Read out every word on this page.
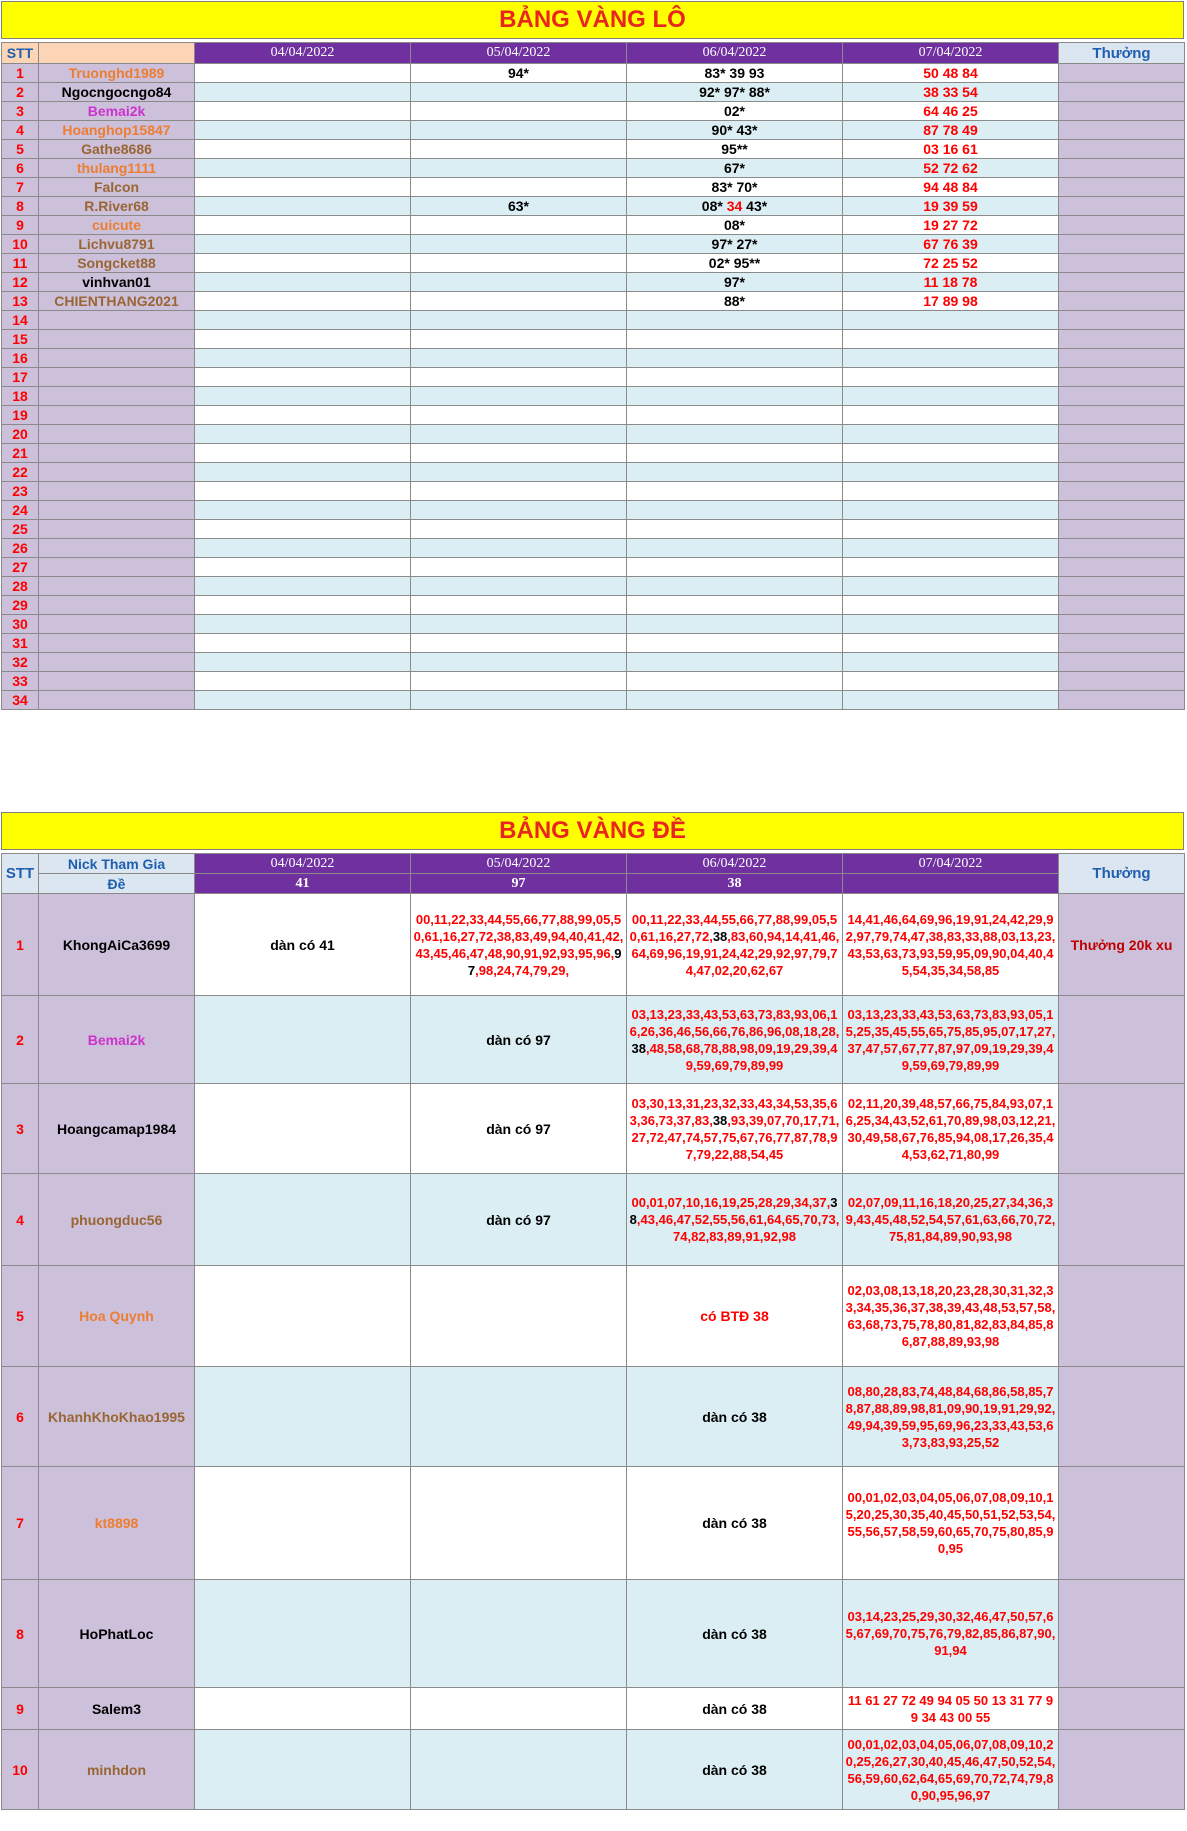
BẢNG VÀNG LÔ
STT		04/04/2022	05/04/2022	06/04/2022	07/04/2022	Thưởng
1	Truonghd1989		94*	83* 39 93	50 48 84	
2	Ngocngocngo84			92* 97* 88*	38 33 54	
3	Bemai2k			02*	64 46 25	
4	Hoanghop15847			90* 43*	87 78 49	
5	Gathe8686			95**	03 16 61	
6	thulang1111			67*	52 72 62	
7	Falcon			83* 70*	94 48 84	
8	R.River68		63*	08* 34 43*	19 39 59	
9	cuicute			08*	19 27 72	
10	Lichvu8791			97* 27*	67 76 39	
11	Songcket88			02* 95**	72 25 52	
12	vinhvan01			97*	11 18 78	
13	CHIENTHANG2021			88*	17 89 98	
14						
15						
16						
17						
18						
19						
20						
21						
22						
23						
24						
25						
26						
27						
28						
29						
30						
31						
32						
33						
34						
BẢNG VÀNG ĐỀ
STT	Nick Tham Gia	04/04/2022	05/04/2022	06/04/2022	07/04/2022	Thưởng
	Đề	41	97	38		
1	KhongAiCa3699	dàn có 41	00,11,22,33,44,55,66,77,88,99,05,50,61,16,27,72,38,83,49,94,40,41,42,43,45,46,47,48,90,91,92,93,95,96,97,98,24,74,79,29,	00,11,22,33,44,55,66,77,88,99,05,50,61,16,27,72,38,83,60,94,14,41,46,64,69,96,19,91,24,42,29,92,97,79,74,47,02,20,62,67	14,41,46,64,69,96,19,91,24,42,29,92,97,79,74,47,38,83,33,88,03,13,23,43,53,63,73,93,59,95,09,90,04,40,45,54,35,34,58,85	Thưởng 20k xu
2	Bemai2k		dàn có 97	03,13,23,33,43,53,63,73,83,93,06,16,26,36,46,56,66,76,86,96,08,18,28,38,48,58,68,78,88,98,09,19,29,39,49,59,69,79,89,99	03,13,23,33,43,53,63,73,83,93,05,15,25,35,45,55,65,75,85,95,07,17,27,37,47,57,67,77,87,97,09,19,29,39,49,59,69,79,89,99	
3	Hoangcamap1984		dàn có 97	03,30,13,31,23,32,33,43,34,53,35,63,36,73,37,83,38,93,39,07,70,17,71,27,72,47,74,57,75,67,76,77,87,78,97,79,22,88,54,45	02,11,20,39,48,57,66,75,84,93,07,16,25,34,43,52,61,70,89,98,03,12,21,30,49,58,67,76,85,94,08,17,26,35,44,53,62,71,80,99	
4	phuongduc56		dàn có 97	00,01,07,10,16,19,25,28,29,34,37,38,43,46,47,52,55,56,61,64,65,70,73,74,82,83,89,91,92,98	02,07,09,11,16,18,20,25,27,34,36,39,43,45,48,52,54,57,61,63,66,70,72,75,81,84,89,90,93,98	
5	Hoa Quynh			có BTĐ 38	02,03,08,13,18,20,23,28,30,31,32,33,34,35,36,37,38,39,43,48,53,57,58,63,68,73,75,78,80,81,82,83,84,85,86,87,88,89,93,98	
6	KhanhKhoKhao1995			dàn có 38	08,80,28,83,74,48,84,68,86,58,85,78,87,88,89,98,81,09,90,19,91,29,92,49,94,39,59,95,69,96,23,33,43,53,63,73,83,93,25,52	
7	kt8898			dàn có 38	00,01,02,03,04,05,06,07,08,09,10,15,20,25,30,35,40,45,50,51,52,53,54,55,56,57,58,59,60,65,70,75,80,85,90,95	
8	HoPhatLoc			dàn có 38	03,14,23,25,29,30,32,46,47,50,57,65,67,69,70,75,76,79,82,85,86,87,90,91,94	
9	Salem3			dàn có 38	11 61 27 72 49 94 05 50 13 31 77 99 34 43 00 55	
10	minhdon			dàn có 38	00,01,02,03,04,05,06,07,08,09,10,20,25,26,27,30,40,45,46,47,50,52,54,56,59,60,62,64,65,69,70,72,74,79,80,90,95,96,97	
